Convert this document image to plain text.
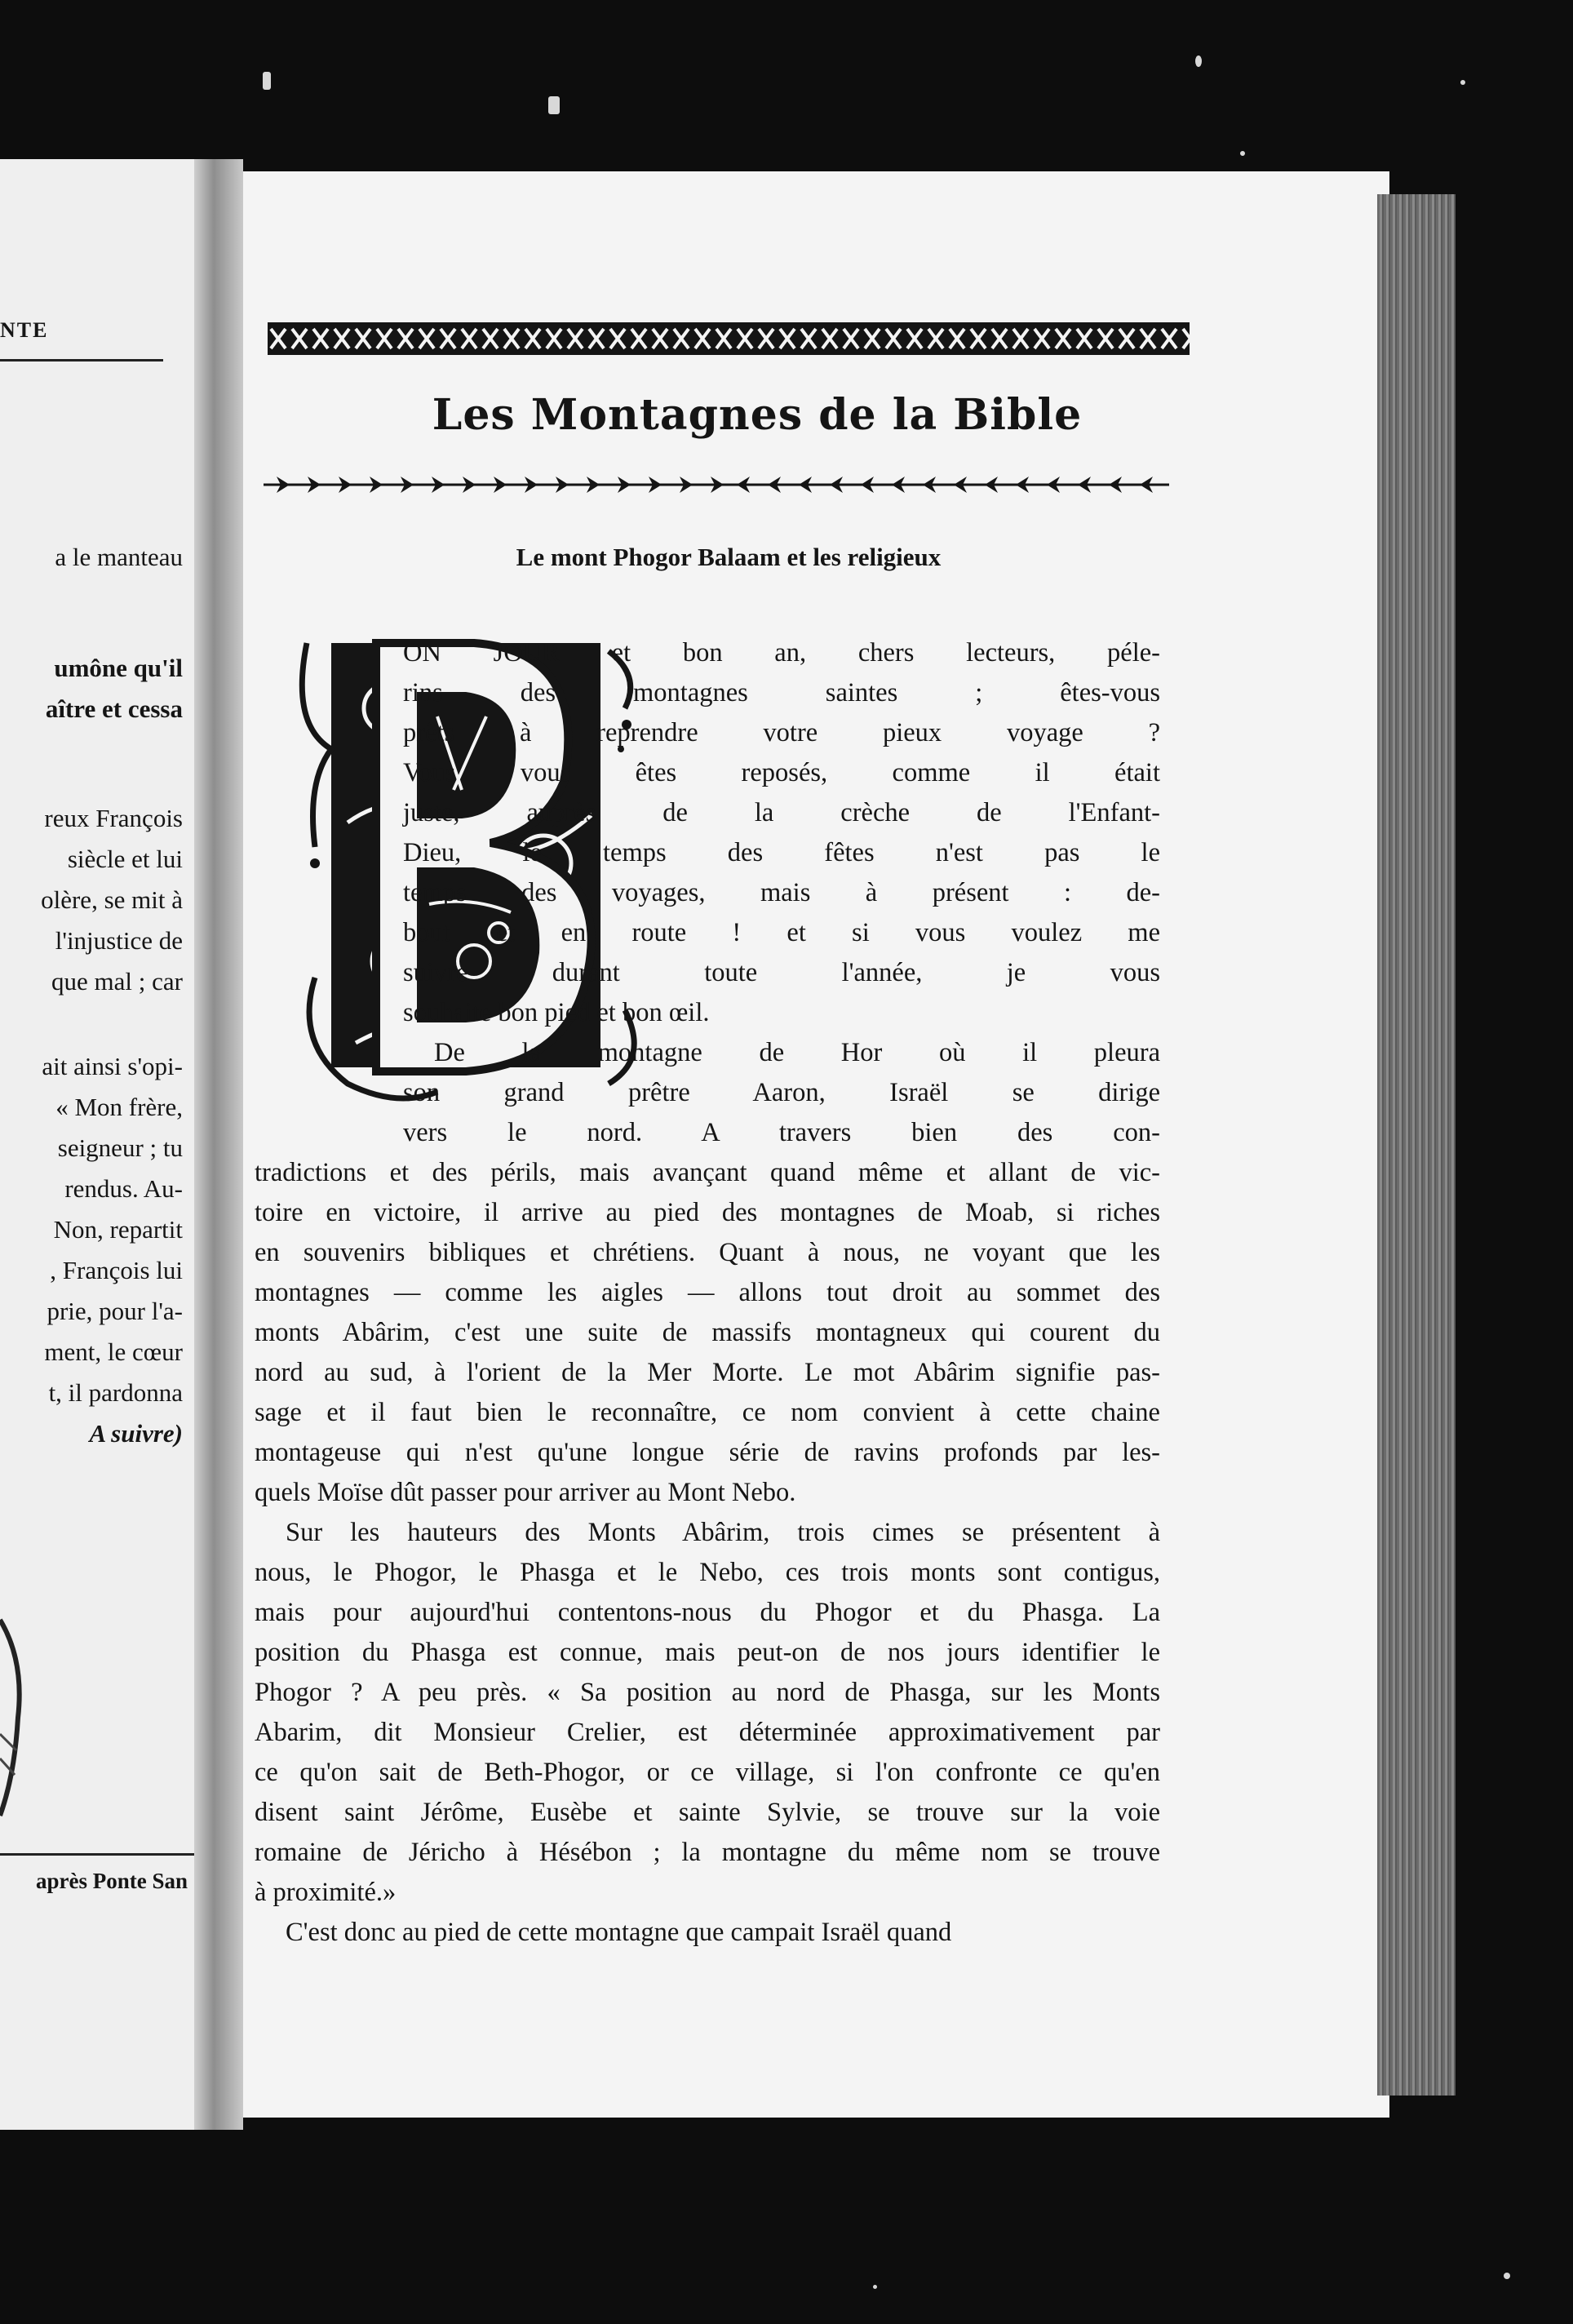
NTE
a le manteau
umône qu'il
aître et cessa
reux François
siècle et lui
olère, se mit à
l'injustice de
que mal ; car
ait ainsi s'opi-
« Mon frère,
seigneur ; tu
rendus. Au-
Non, repartit
, François lui
prie, pour l'a-
ment, le cœur
t, il pardonna
A suivre)
après Ponte San
Les Montagnes de la Bible
Le mont Phogor Balaam et les religieux
ON JOUR et bon an, chers lecteurs, péle-
rins des montagnes saintes ; êtes-vous
prêts à reprendre votre pieux voyage ?
Vous vous êtes reposés, comme il était
juste, auprès de la crèche de l'Enfant-
Dieu, le temps des fêtes n'est pas le
temps des voyages, mais à présent : de-
bout et en route ! et si vous voulez me
suivre durant toute l'année, je vous
souhaite bon pied et bon œil.
De la montagne de Hor où il pleura
son grand prêtre Aaron, Israël se dirige
vers le nord. A travers bien des con-
tradictions et des périls, mais avançant quand même et allant de vic-
toire en victoire, il arrive au pied des montagnes de Moab, si riches
en souvenirs bibliques et chrétiens. Quant à nous, ne voyant que les
montagnes — comme les aigles — allons tout droit au sommet des
monts Abârim, c'est une suite de massifs montagneux qui courent du
nord au sud, à l'orient de la Mer Morte. Le mot Abârim signifie pas-
sage et il faut bien le reconnaître, ce nom convient à cette chaine
montageuse qui n'est qu'une longue série de ravins profonds par les-
quels Moïse dût passer pour arriver au Mont Nebo.
Sur les hauteurs des Monts Abârim, trois cimes se présentent à
nous, le Phogor, le Phasga et le Nebo, ces trois monts sont contigus,
mais pour aujourd'hui contentons-nous du Phogor et du Phasga. La
position du Phasga est connue, mais peut-on de nos jours identifier le
Phogor ? A peu près. « Sa position au nord de Phasga, sur les Monts
Abarim, dit Monsieur Crelier, est déterminée approximativement par
ce qu'on sait de Beth-Phogor, or ce village, si l'on confronte ce qu'en
disent saint Jérôme, Eusèbe et sainte Sylvie, se trouve sur la voie
romaine de Jéricho à Hésébon ; la montagne du même nom se trouve
à proximité.»
C'est donc au pied de cette montagne que campait Israël quand
